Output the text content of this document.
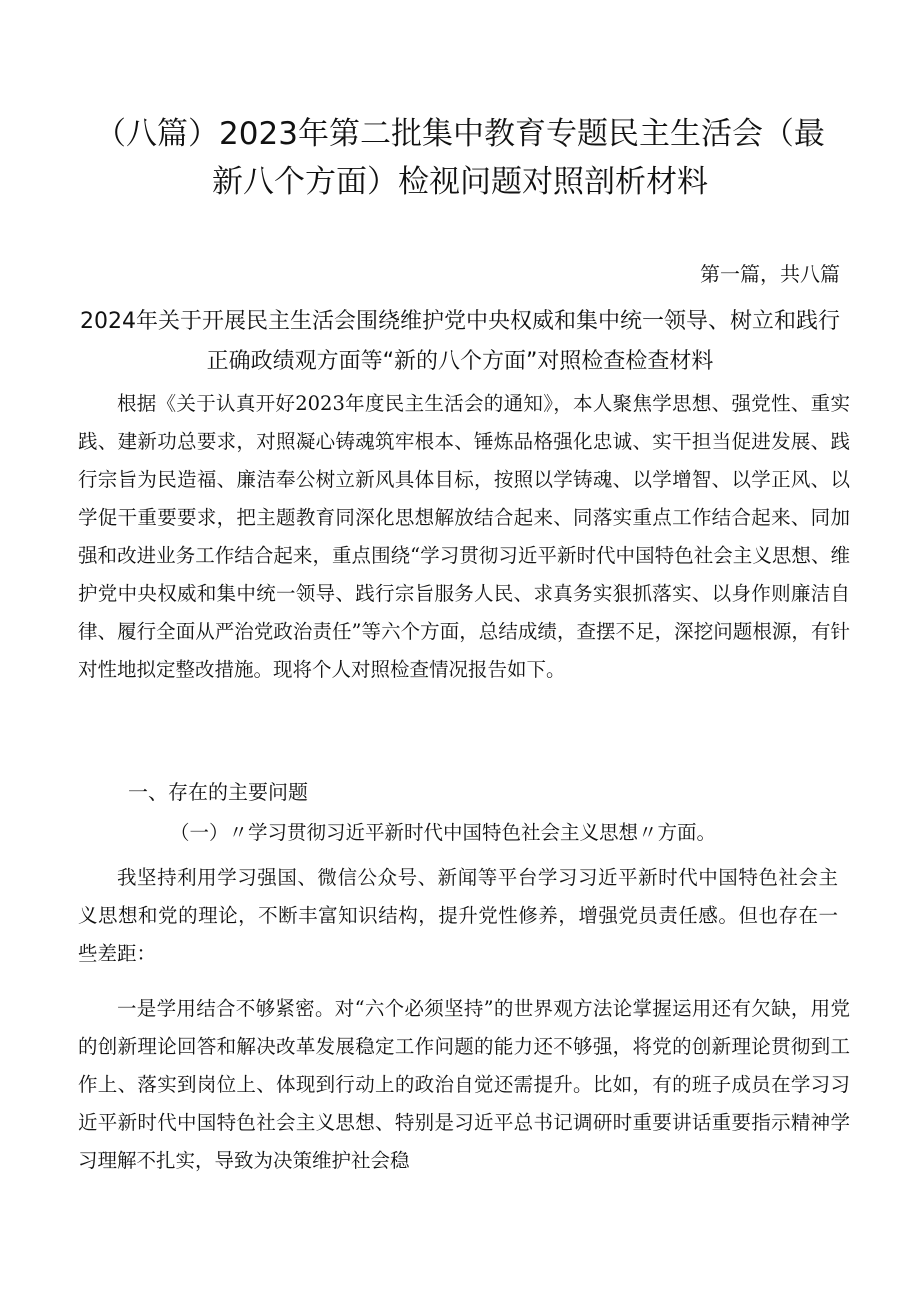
（八篇）2023年第二批集中教育专题民主生活会（最新八个方面）检视问题对照剖析材料
第一篇，共八篇
2024年关于开展民主生活会围绕维护党中央权威和集中统一领导、树立和践行正确政绩观方面等“新的八个方面”对照检查检查材料

根据《关于认真开好2023年度民主生活会的通知》，本人聚焦学思想、强党性、重实践、建新功总要求，对照凝心铸魂筑牢根本、锤炼品格强化忠诚、实干担当促进发展、践行宗旨为民造福、廉洁奉公树立新风具体目标，按照以学铸魂、以学增智、以学正风、以学促干重要要求，把主题教育同深化思想解放结合起来、同落实重点工作结合起来、同加强和改进业务工作结合起来，重点围绕“学习贯彻习近平新时代中国特色社会主义思想、维护党中央权威和集中统一领导、践行宗旨服务人民、求真务实狠抓落实、以身作则廉洁自律、履行全面从严治党政治责任”等六个方面，总结成绩，查摆不足，深挖问题根源，有针对性地拟定整改措施。现将个人对照检查情况报告如下。

一、存在的主要问题
（一）〃学习贯彻习近平新时代中国特色社会主义思想〃方面。

我坚持利用学习强国、微信公众号、新闻等平台学习习近平新时代中国特色社会主义思想和党的理论，不断丰富知识结构，提升党性修养，增强党员责任感。但也存在一些差距：

一是学用结合不够紧密。对“六个必须坚持”的世界观方法论掌握运用还有欠缺，用党的创新理论回答和解决改革发展稳定工作问题的能力还不够强，将党的创新理论贯彻到工作上、落实到岗位上、体现到行动上的政治自觉还需提升。比如，有的班子成员在学习习近平新时代中国特色社会主义思想、特别是习近平总书记调研时重要讲话重要指示精神学习理解不扎实，导致为决策维护社会稳
